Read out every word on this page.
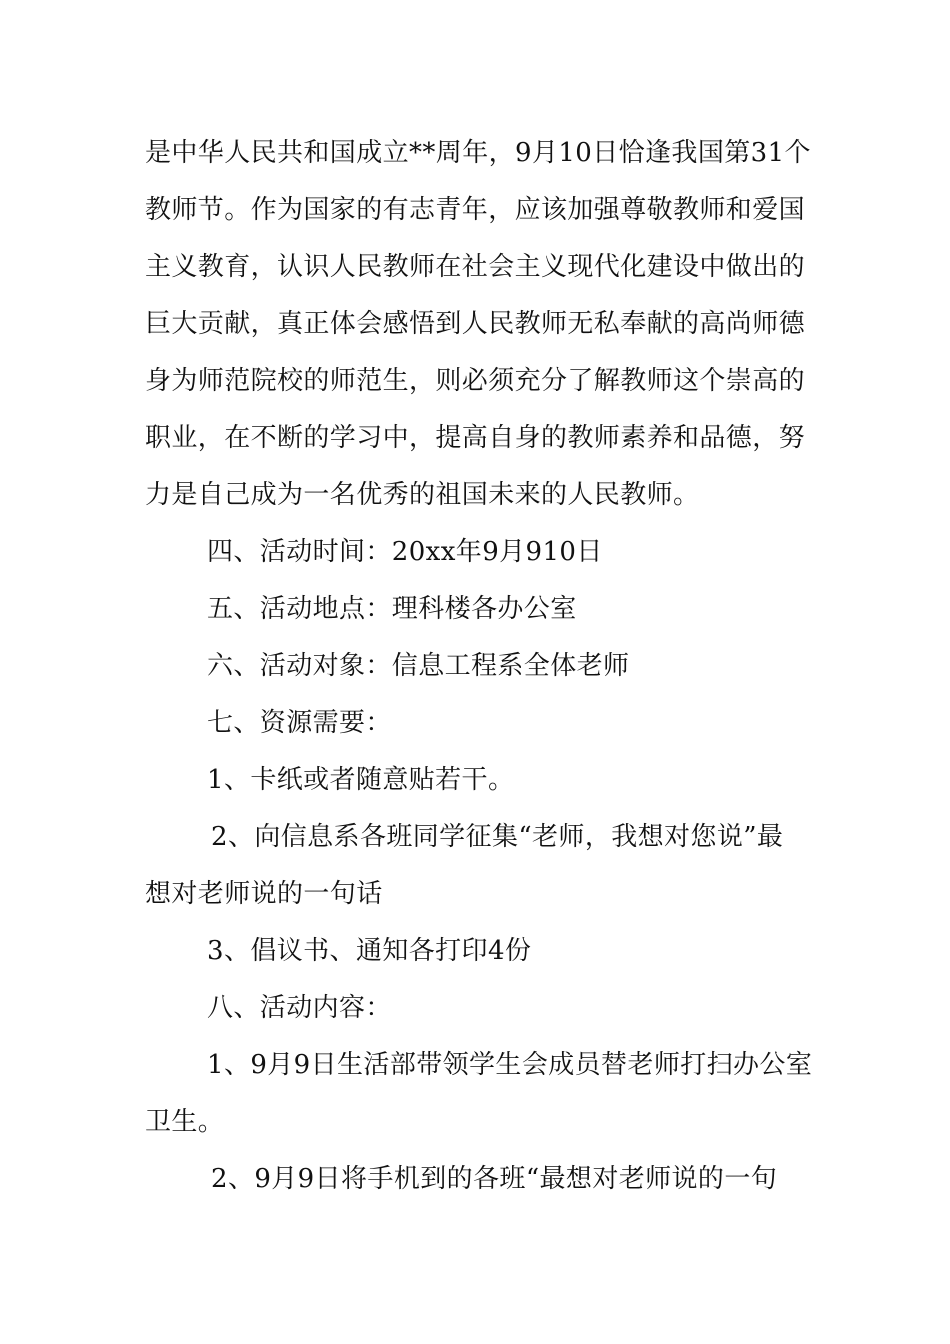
是中华人民共和国成立**周年，9月10日恰逢我国第31个
教师节。作为国家的有志青年，应该加强尊敬教师和爱国
主义教育，认识人民教师在社会主义现代化建设中做出的
巨大贡献，真正体会感悟到人民教师无私奉献的高尚师德
身为师范院校的师范生，则必须充分了解教师这个崇高的
职业，在不断的学习中，提高自身的教师素养和品德，努
力是自己成为一名优秀的祖国未来的人民教师。
四、活动时间：20xx年9月910日
五、活动地点：理科楼各办公室
六、活动对象：信息工程系全体老师
七、资源需要：
1、卡纸或者随意贴若干。
2、向信息系各班同学征集“老师，我想对您说”最
想对老师说的一句话
3、倡议书、通知各打印4份
八、活动内容：
1、9月9日生活部带领学生会成员替老师打扫办公室
卫生。
2、9月9日将手机到的各班“最想对老师说的一句
